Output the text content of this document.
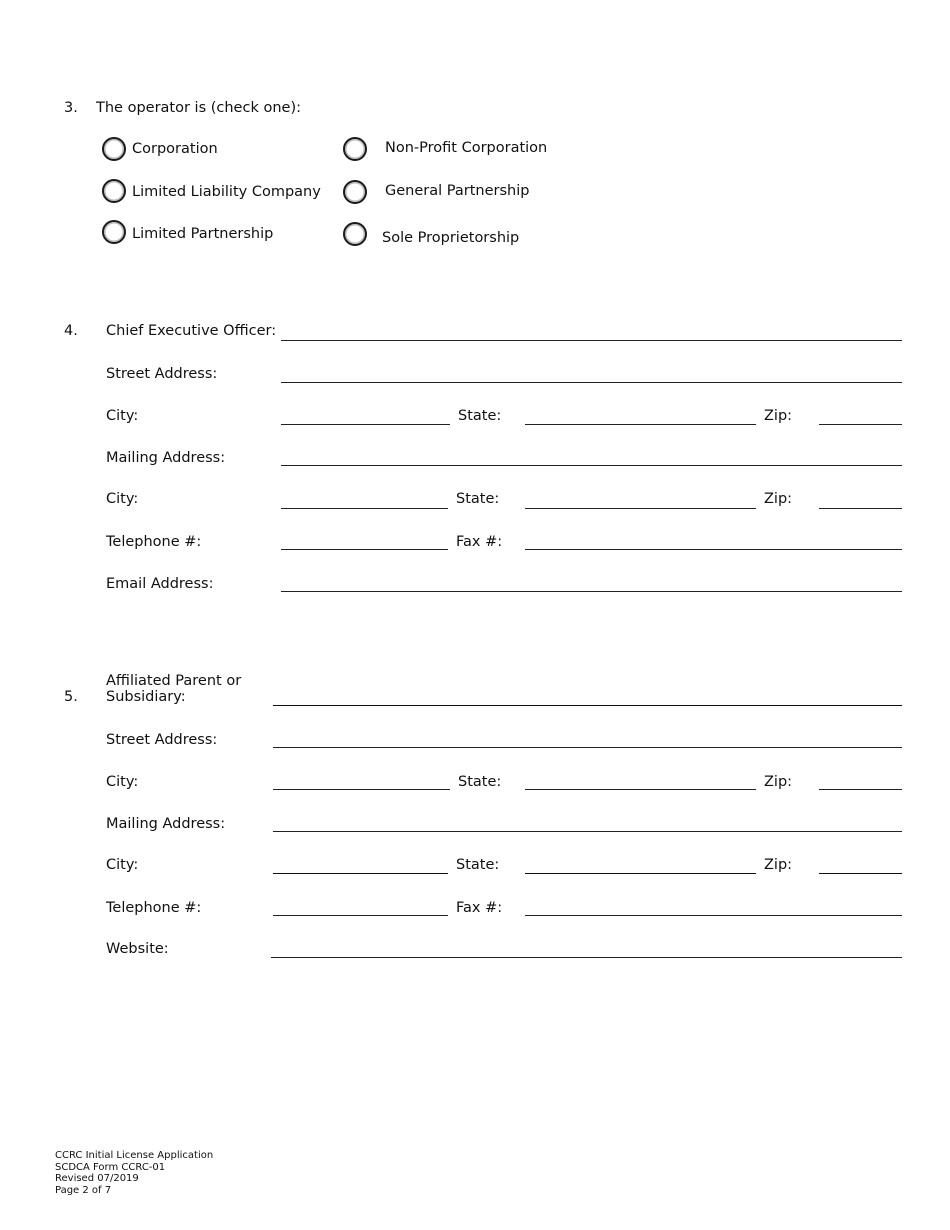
3. The operator is (check one):
Corporation	Non-Profit Corporation
Limited Liability Company	General Partnership
Limited Partnership	Sole Proprietorship
4. Chief Executive Officer:
Street Address:
City:	State:	Zip:
Mailing Address:
City:	State:	Zip:
Telephone #:	Fax #:
Email Address:
Affiliated Parent or
5. Subsidiary:
Street Address:
City:	State:	Zip:
Mailing Address:
City:	State:	Zip:
Telephone #:	Fax #:
Website:
CCRC Initial License Application
SCDCA Form CCRC-01
Revised 07/2019
Page 2 of 7
